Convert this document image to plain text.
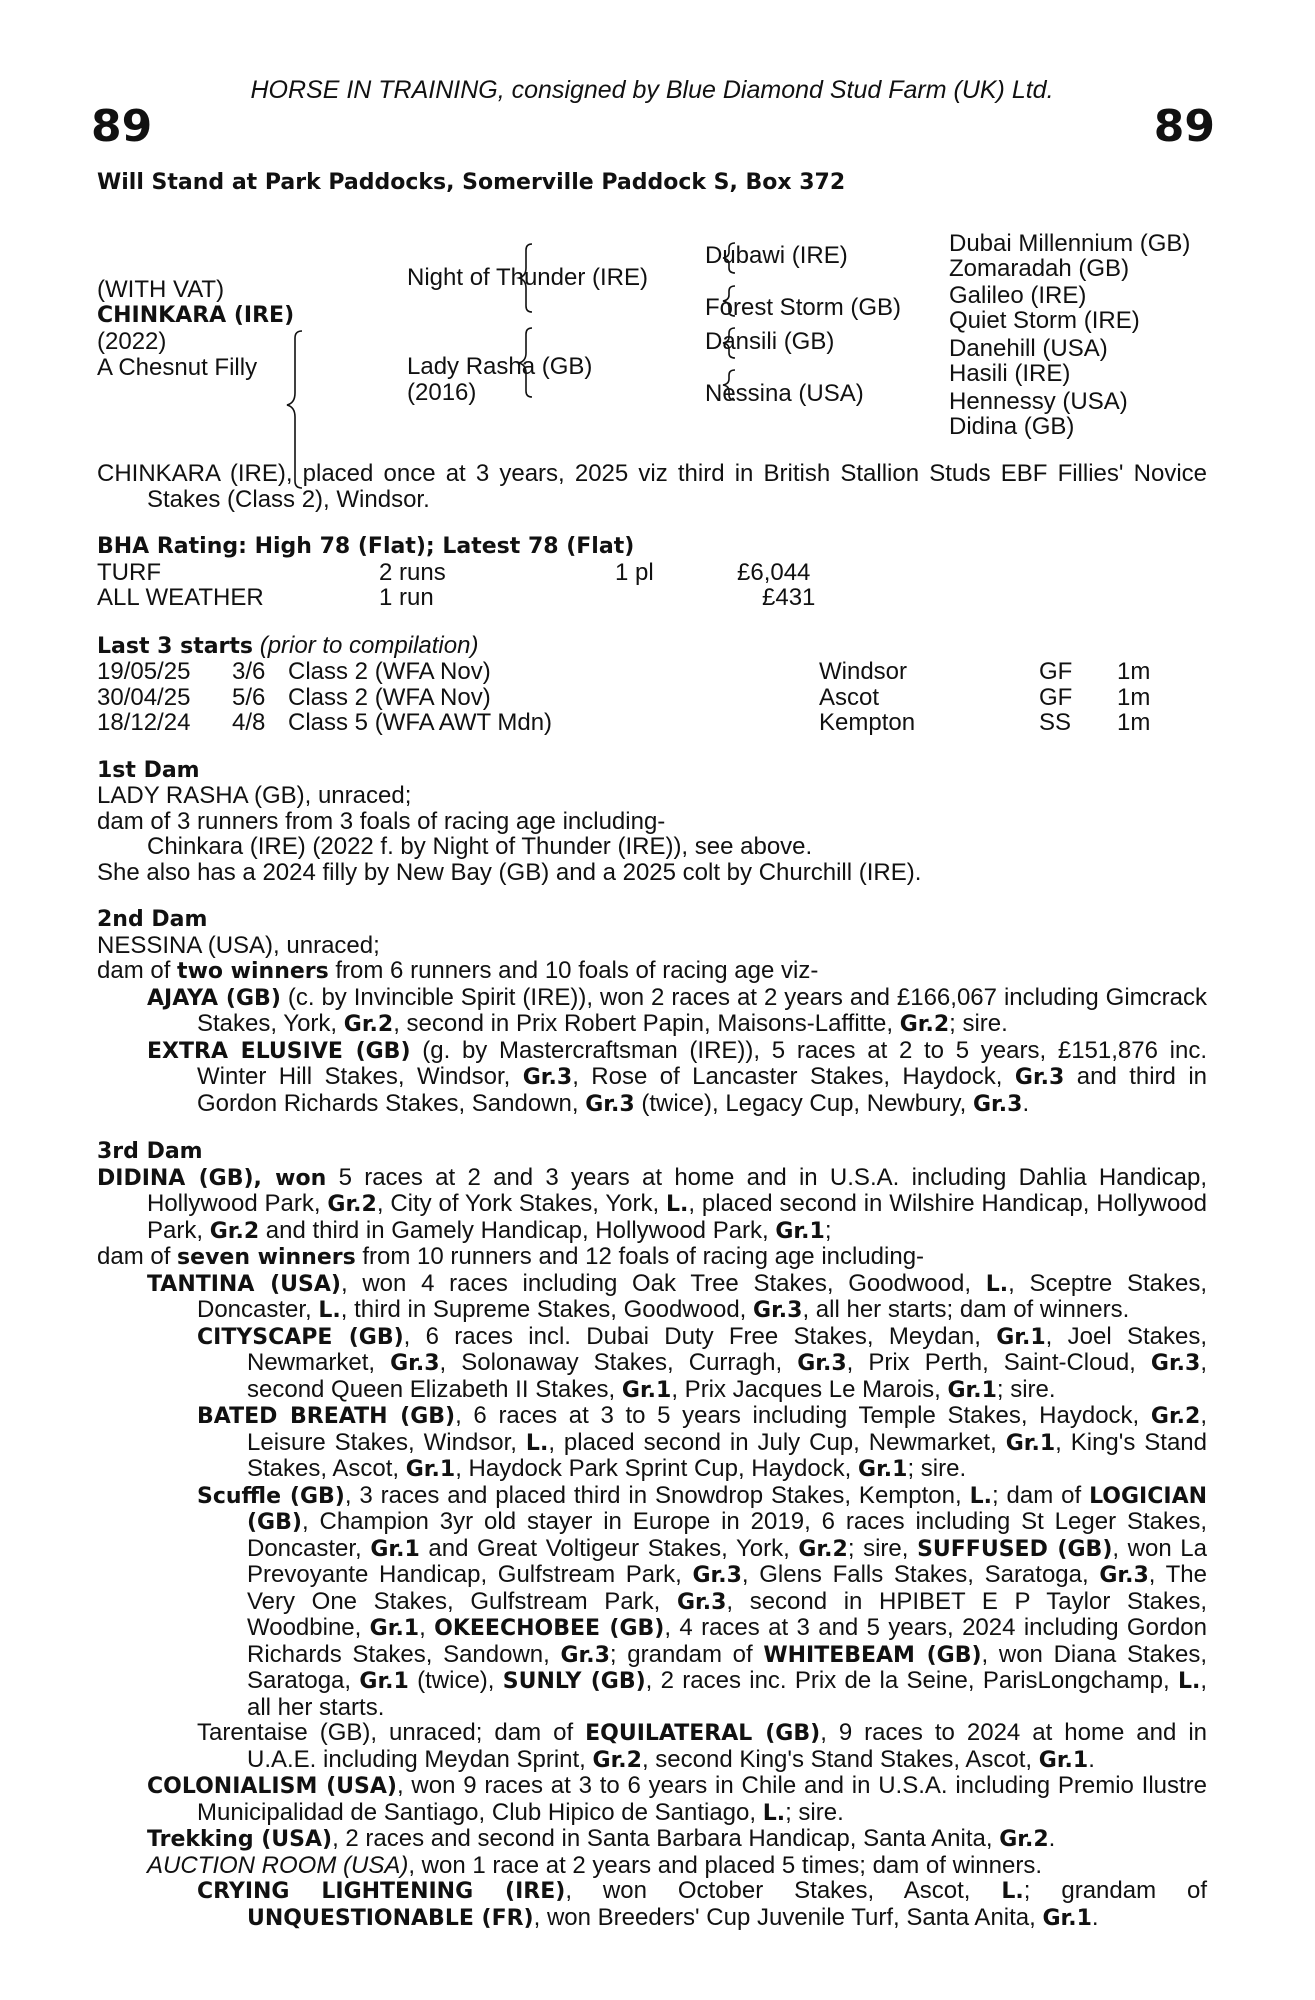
HORSE IN TRAINING, consigned by Blue Diamond Stud Farm (UK) Ltd.
89	89
Will Stand at Park Paddocks, Somerville Paddock S, Box 372
(WITH VAT)
CHINKARA (IRE)
(2022)
A Chesnut Filly
Night of Thunder (IRE)
Lady Rasha (GB)
(2016)
Dubawi (IRE)
Forest Storm (GB)
Dansili (GB)
Nessina (USA)
Dubai Millennium (GB)
Zomaradah (GB)
Galileo (IRE)
Quiet Storm (IRE)
Danehill (USA)
Hasili (IRE)
Hennessy (USA)
Didina (GB)

CHINKARA (IRE), placed once at 3 years, 2025 viz third in British Stallion Studs EBF Fillies' Novice Stakes (Class 2), Windsor.

BHA Rating: High 78 (Flat); Latest 78 (Flat)

TURF	2 runs	1 pl	£6,044
ALL WEATHER	1 run	£431

Last 3 starts (prior to compilation)

19/05/25 3/6 Class 2 (WFA Nov)	Windsor	GF 1m
30/04/25 5/6 Class 2 (WFA Nov)	Ascot	GF 1m
18/12/24 4/8 Class 5 (WFA AWT Mdn)	Kempton	SS 1m

1st Dam

LADY RASHA (GB), unraced;

dam of 3 runners from 3 foals of racing age including-

Chinkara (IRE) (2022 f. by Night of Thunder (IRE)), see above.

She also has a 2024 filly by New Bay (GB) and a 2025 colt by Churchill (IRE).

2nd Dam

NESSINA (USA), unraced;

dam of two winners from 6 runners and 10 foals of racing age viz-

AJAYA (GB) (c. by Invincible Spirit (IRE)), won 2 races at 2 years and £166,067 including Gimcrack Stakes, York, Gr.2, second in Prix Robert Papin, Maisons-Laffitte, Gr.2; sire.

EXTRA ELUSIVE (GB) (g. by Mastercraftsman (IRE)), 5 races at 2 to 5 years, £151,876 inc. Winter Hill Stakes, Windsor, Gr.3, Rose of Lancaster Stakes, Haydock, Gr.3 and third in Gordon Richards Stakes, Sandown, Gr.3 (twice), Legacy Cup, Newbury, Gr.3.

3rd Dam

DIDINA (GB), won 5 races at 2 and 3 years at home and in U.S.A. including Dahlia Handicap, Hollywood Park, Gr.2, City of York Stakes, York, L., placed second in Wilshire Handicap, Hollywood Park, Gr.2 and third in Gamely Handicap, Hollywood Park, Gr.1;

dam of seven winners from 10 runners and 12 foals of racing age including-

TANTINA (USA), won 4 races including Oak Tree Stakes, Goodwood, L., Sceptre Stakes, Doncaster, L., third in Supreme Stakes, Goodwood, Gr.3, all her starts; dam of winners.

CITYSCAPE (GB), 6 races incl. Dubai Duty Free Stakes, Meydan, Gr.1, Joel Stakes, Newmarket, Gr.3, Solonaway Stakes, Curragh, Gr.3, Prix Perth, Saint-Cloud, Gr.3, second Queen Elizabeth II Stakes, Gr.1, Prix Jacques Le Marois, Gr.1; sire.

BATED BREATH (GB), 6 races at 3 to 5 years including Temple Stakes, Haydock, Gr.2, Leisure Stakes, Windsor, L., placed second in July Cup, Newmarket, Gr.1, King's Stand Stakes, Ascot, Gr.1, Haydock Park Sprint Cup, Haydock, Gr.1; sire.

Scuffle (GB), 3 races and placed third in Snowdrop Stakes, Kempton, L.; dam of LOGICIAN (GB), Champion 3yr old stayer in Europe in 2019, 6 races including St Leger Stakes, Doncaster, Gr.1 and Great Voltigeur Stakes, York, Gr.2; sire, SUFFUSED (GB), won La Prevoyante Handicap, Gulfstream Park, Gr.3, Glens Falls Stakes, Saratoga, Gr.3, The Very One Stakes, Gulfstream Park, Gr.3, second in HPIBET E P Taylor Stakes, Woodbine, Gr.1, OKEECHOBEE (GB), 4 races at 3 and 5 years, 2024 including Gordon Richards Stakes, Sandown, Gr.3; grandam of WHITEBEAM (GB), won Diana Stakes, Saratoga, Gr.1 (twice), SUNLY (GB), 2 races inc. Prix de la Seine, ParisLongchamp, L., all her starts.

Tarentaise (GB), unraced; dam of EQUILATERAL (GB), 9 races to 2024 at home and in U.A.E. including Meydan Sprint, Gr.2, second King's Stand Stakes, Ascot, Gr.1.

COLONIALISM (USA), won 9 races at 3 to 6 years in Chile and in U.S.A. including Premio Ilustre Municipalidad de Santiago, Club Hipico de Santiago, L.; sire.

Trekking (USA), 2 races and second in Santa Barbara Handicap, Santa Anita, Gr.2.

AUCTION ROOM (USA), won 1 race at 2 years and placed 5 times; dam of winners.

CRYING LIGHTENING (IRE), won October Stakes, Ascot, L.; grandam of UNQUESTIONABLE (FR), won Breeders' Cup Juvenile Turf, Santa Anita, Gr.1.
